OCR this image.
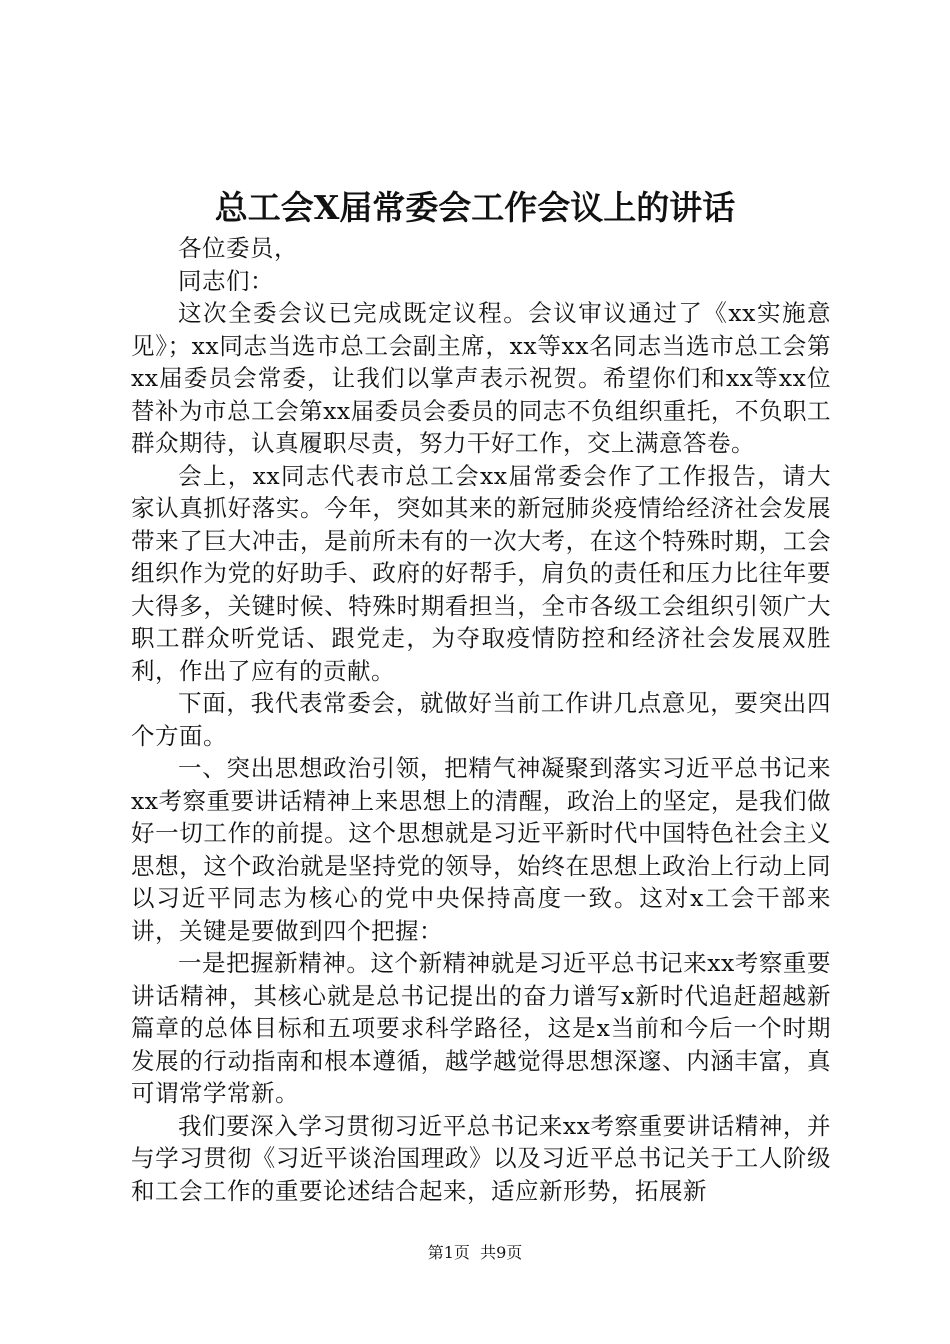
总工会X届常委会工作会议上的讲话

各位委员，

同志们：

这次全委会议已完成既定议程。会议审议通过了《xx实施意见》；xx同志当选市总工会副主席，xx等xx名同志当选市总工会第xx届委员会常委，让我们以掌声表示祝贺。希望你们和xx等xx位替补为市总工会第xx届委员会委员的同志不负组织重托，不负职工群众期待，认真履职尽责，努力干好工作，交上满意答卷。

会上，xx同志代表市总工会xx届常委会作了工作报告，请大家认真抓好落实。今年，突如其来的新冠肺炎疫情给经济社会发展带来了巨大冲击，是前所未有的一次大考，在这个特殊时期，工会组织作为党的好助手、政府的好帮手，肩负的责任和压力比往年要大得多，关键时候、特殊时期看担当，全市各级工会组织引领广大职工群众听党话、跟党走，为夺取疫情防控和经济社会发展双胜利，作出了应有的贡献。

下面，我代表常委会，就做好当前工作讲几点意见，要突出四个方面。

一、突出思想政治引领，把精气神凝聚到落实习近平总书记来xx考察重要讲话精神上来思想上的清醒，政治上的坚定，是我们做好一切工作的前提。这个思想就是习近平新时代中国特色社会主义思想，这个政治就是坚持党的领导，始终在思想上政治上行动上同以习近平同志为核心的党中央保持高度一致。这对x工会干部来讲，关键是要做到四个把握：

一是把握新精神。这个新精神就是习近平总书记来xx考察重要讲话精神，其核心就是总书记提出的奋力谱写x新时代追赶超越新篇章的总体目标和五项要求科学路径，这是x当前和今后一个时期发展的行动指南和根本遵循，越学越觉得思想深邃、内涵丰富，真可谓常学常新。

我们要深入学习贯彻习近平总书记来xx考察重要讲话精神，并与学习贯彻《习近平谈治国理政》以及习近平总书记关于工人阶级和工会工作的重要论述结合起来，适应新形势，拓展新

第1页 共9页
